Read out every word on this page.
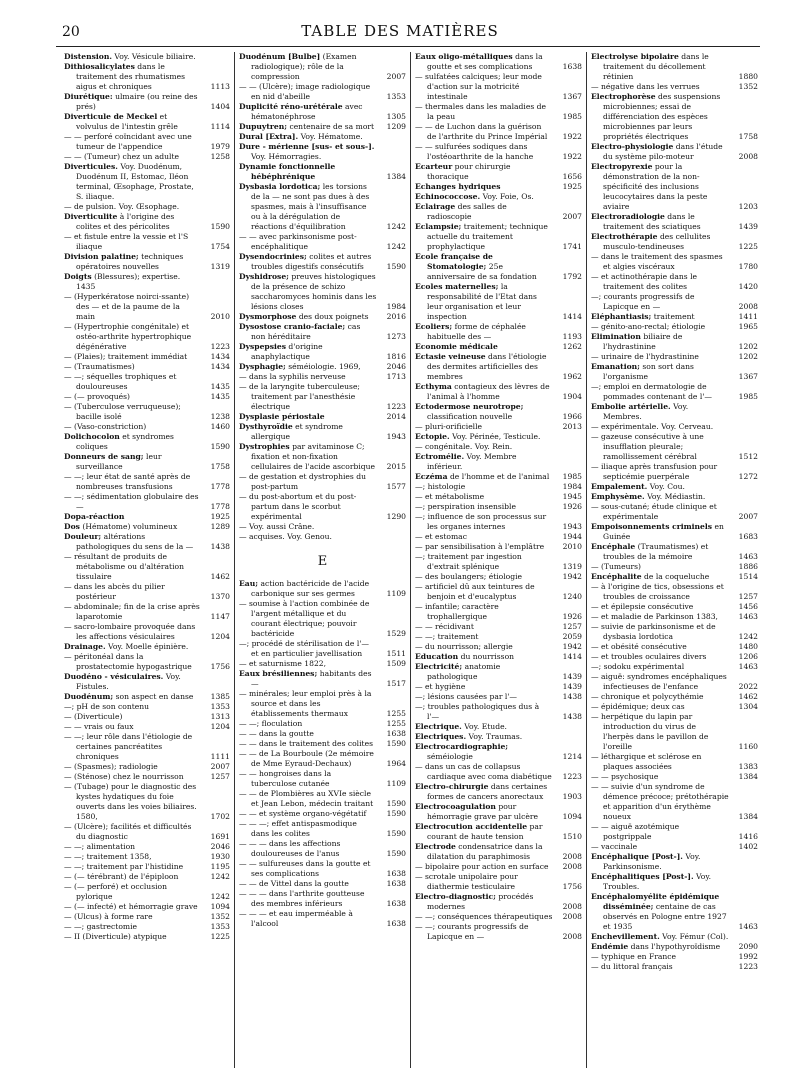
20	TABLE DES MATIÈRES
Distension. Voy. Vésicule biliaire.
Dithiosalicylates dans le traitement des rhumatismes aigus et chroniques	1113
Diurétique: ulmaire (ou reine des prés)	1404
Diverticule de Meckel et volvulus de l'intestin grêle	1114
— — perforé coïncidant avec une tumeur de l'appendice	1979
— — (Tumeur) chez un adulte	1258
Diverticules. Voy. Duodénum, Duodénum II, Estomac, Iléon terminal, Œsophage, Prostate, S. iliaque.
— de pulsion. Voy. Œsophage.
Diverticulite à l'origine des colites et des péricolites	1590
— et fistule entre la vessie et l'S iliaque	1754
Division palatine; techniques opératoires nouvelles	1319
Doigts (Blessures); expertise. 1435
— (Hyperkératose noirci-ssante) des — et de la paume de la main	2010
— (Hypertrophie congénitale) et ostéo-arthrite hypertrophique dégénérative	1223
— (Plaies); traitement immédiat	1434
— (Traumatismes)	1434
— —; séquelles trophiques et douloureuses	1435
— (— provoqués)	1435
— (Tuberculose verruqueuse); bacille isolé	1238
— (Vaso-constriction)	1460
Dolichocolon et syndromes coliques	1590
Donneurs de sang; leur surveillance	1758
— —; leur état de santé après de nombreuses transfusions	1778
— —; sédimentation globulaire des —	1778
Dopa-réaction	1925
Dos (Hématome) volumineux	1289
Douleur; altérations pathologiques du sens de la —	1438
— résultant de produits de métabolisme ou d'altération tissulaire	1462
— dans les abcès du pilier postérieur	1370
— abdominale; fin de la crise après laparotomie	1147
— sacro-lombaire provoquée dans les affections vésiculaires	1204
Drainage. Voy. Moelle épinière.
— péritonéal dans la prostatectomie hypogastrique	1756
Duodéno - vésiculaires. Voy. Fistules.
Duodénum; son aspect en danse	1385
—; pH de son contenu	1353
— (Diverticule)	1313
— — vrais ou faux	1204
— —; leur rôle dans l'étiologie de certaines pancréatites chroniques	1111
— (Spasmes); radiologie	2007
— (Sténose) chez le nourrisson	1257
— (Tubage) pour le diagnostic des kystes hydatiques du foie ouverts dans les voies biliaires. 1580,	1702
— (Ulcère); facilités et difficultés du diagnostic	1691
— —; alimentation	2046
— —; traitement 1358,	1930
— —; traitement par l'histidine	1195
— (— térébrant) de l'épiploon	1242
— (— perforé) et occlusion pylorique	1242
— (— infecté) et hémorragie grave	1094
— (Ulcus) à forme rare	1352
— —; gastrectomie	1353
— II (Diverticule) atypique	1225
Duodénum [Bulbe] (Examen radiologique); rôle de la compression	2007
— — (Ulcère); image radiologique en nid d'abeille	1353
Duplicité réno-urétérale avec hématonéphrose	1305
Dupuytren; centenaire de sa mort	1209
Dural [Extra]. Voy. Hématome.
Dure - mérienne [sus- et sous-]. Voy. Hémorragies.
Dynamie fonctionnelle hébéphrénique	1384
Dysbasia lordotica; les torsions de la — ne sont pas dues à des spasmes, mais à l'insuffisance ou à la dérégulation de réactions d'équilibration	1242
— — avec parkinsonisme post-encéphalitique	1242
Dysendocrinies; colites et autres troubles digestifs consécutifs	1590
Dyshidrose; preuves histologiques de la présence de schizo saccharomyces hominis dans les lésions closes	1984
Dysmorphose des doux poignets	2016
Dysostose cranio-faciale; cas non héréditaire	1273
Dyspepsies d'origine anaphylactique	1816
Dysphagie; séméiologie. 1969,	2046
— dans la syphilis nerveuse	1713
— de la laryngite tuberculeuse; traitement par l'anesthésie électrique	1223
Dysplasie périostale	2014
Dysthyroïdie et syndrome allergique	1943
Dystrophies par avitaminose C; fixation et non-fixation cellulaires de l'acide ascorbique	2015
— de gestation et dystrophies du post-partum	1577
— du post-abortum et du post-partum dans le scorbut expérimental	1290
— Voy. aussi Crâne.
— acquises. Voy. Genou.
E
Eau; action bactéricide de l'acide carbonique sur ses germes	1109
— soumise à l'action combinée de l'argent métallique et du courant électrique; pouvoir bactéricide	1529
—; procédé de stérilisation de l'— et en particulier javellisation	1511
— et saturnisme 1822,	1509
Eaux brésiliennes; habitants des —	1517
— minérales; leur emploi près à la source et dans les établissements thermaux	1255
— —; floculation	1255
— — dans la goutte	1638
— — dans le traitement des colites	1590
— — de La Bourboule (2e mémoire de Mme Eyraud-Dechaux)	1964
— — hongroises dans la tuberculose cutanée	1109
— — de Plombières au XVIe siècle et Jean Lebon, médecin traitant	1590
— — et système organo-végétatif	1590
— — —; effet antispasmodique dans les colites	1590
— — — dans les affections douloureuses de l'anus	1590
— — sulfureuses dans la goutte et ses complications	1638
— — de Vittel dans la goutte	1638
— — — dans l'arthrite goutteuse des membres inférieurs	1638
— — — et eau imperméable à l'alcool	1638
Eaux oligo-métalliques dans la goutte et ses complications	1638
— sulfatées calciques; leur mode d'action sur la motricité intestinale	1367
— thermales dans les maladies de la peau	1985
— — de Luchon dans la guérison de l'arthrite du Prince Impérial	1922
— — sulfurées sodiques dans l'ostéoarthrite de la hanche	1922
Ecarteur pour chirurgie thoracique	1656
Echanges hydriques	1925
Echinococcose. Voy. Foie, Os.
Eclairage des salles de radioscopie	2007
Eclampsie; traitement; technique actuelle du traitement prophylactique	1741
Ecole française de Stomatologie; 25e anniversaire de sa fondation	1792
Ecoles maternelles; la responsabilité de l'Etat dans leur organisation et leur inspection	1414
Ecoliers; forme de céphalée habituelle des —	1193
Economie médicale	1262
Ectasie veineuse dans l'étiologie des dermites artificielles des membres	1962
Ecthyma contagieux des lèvres de l'animal à l'homme	1904
Ectodermose neurotrope; classification nouvelle	1966
— pluri-orificielle	2013
Ectopie. Voy. Périnée, Testicule.
— congénitale. Voy. Rein.
Ectromélie. Voy. Membre inférieur.
Eczéma de l'homme et de l'animal	1985
—; histologie	1984
— et métabolisme	1945
—; perspiration insensible	1926
—; influence de son processus sur les organes internes	1943
— et estomac	1944
— par sensibilisation à l'emplâtre	2010
—; traitement par ingestion d'extrait splénique	1319
— des boulangers; étiologie	1942
— artificiel dû aux teintures de benjoin et d'eucalyptus	1240
— infantile; caractère trophallergique	1926
— — récidivant	1257
— —; traitement	2059
— du nourrisson; allergie	1942
Education du nourrisson	1414
Electricité; anatomie pathologique	1439
— et hygiène	1439
—; lésions causées par l'—	1438
—; troubles pathologiques dus à l'—	1438
Electrique. Voy. Etude.
Electriques. Voy. Traumas.
Electrocardiographie; séméiologie	1214
— dans un cas de collapsus cardiaque avec coma diabétique	1223
Electro-chirurgie dans certaines formes de cancers anorectaux	1903
Electrocoagulation pour hémorragie grave par ulcère	1094
Electrocution accidentelle par courant de haute tension	1510
Electrode condensatrice dans la dilatation du paraphimosis	2008
— bipolaire pour action en surface	2008
— scrotale unipolaire pour diathermie testiculaire	1756
Electro-diagnostic; procédés modernes	2008
— —; conséquences thérapeutiques	2008
— —; courants progressifs de Lapicque en —	2008
Electrolyse bipolaire dans le traitement du décollement rétinien	1880
— négative dans les verrues	1352
Electrophorèse des suspensions microbiennes; essai de différenciation des espèces microbiennes par leurs propriétés électriques	1758
Electro-physiologie dans l'étude du système pilo-moteur	2008
Electropyrexie pour la démonstration de la non-spécificité des inclusions leucocytaires dans la peste aviaire	1203
Electroradiologie dans le traitement des sciatiques	1439
Electrothérapie des cellulites musculo-tendineuses	1225
— dans le traitement des spasmes et algies viscéraux	1780
— et actinothérapie dans le traitement des colites	1420
—; courants progressifs de Lapicque en —	2008
Eléphantiasis; traitement	1411
— génito-ano-rectal; étiologie	1965
Elimination biliaire de l'hydrastinine	1202
— urinaire de l'hydrastinine	1202
Emanation; son sort dans l'organisme	1367
—; emploi en dermatologie de pommades contenant de l'—	1985
Embolie artérielle. Voy. Membres.
— expérimentale. Voy. Cerveau.
— gazeuse consécutive à une insufflation pleurale; ramollissement cérébral	1512
— iliaque après transfusion pour septicémie puerpérale	1272
Empalement. Voy. Cou.
Emphysème. Voy. Médiastin.
— sous-cutané; étude clinique et expérimentale	2007
Empoisonnements criminels en Guinée	1683
Encéphale (Traumatismes) et troubles de la mémoire	1463
— (Tumeurs)	1886
Encéphalite de la coqueluche	1514
— à l'origine de tics, obsessions et troubles de croissance	1257
— et épilepsie consécutive	1456
— et maladie de Parkinson 1383,	1463
— suivie de parkinsonisme et de dysbasia lordotica	1242
— et obésité consécutive	1480
— et troubles oculaires divers	1206
—; sodoku expérimental	1463
— aiguë: syndromes encéphaliques infectieuses de l'enfance	2022
— chronique et polycythémie	1462
— épidémique; deux cas	1304
— herpétique du lapin par introduction du virus de l'herpès dans le pavillon de l'oreille	1160
— léthargique et sclérose en plaques associées	1383
— — psychosique	1384
— — suivie d'un syndrome de démence précoce; prétothérapie et apparition d'un érythème noueux	1384
— — aiguë azotémique postgrippale	1416
— vaccinale	1402
Encéphalique [Post-]. Voy. Parkinsonisme.
Encéphalitiques [Post-]. Voy. Troubles.
Encéphalomyélite épidémique disséminée; centaine de cas observés en Pologne entre 1927 et 1935	1463
Enchevillement. Voy. Fémur (Col).
Endémie dans l'hypothyroïdisme	2090
— typhique en France	1992
— du littoral français	1223
